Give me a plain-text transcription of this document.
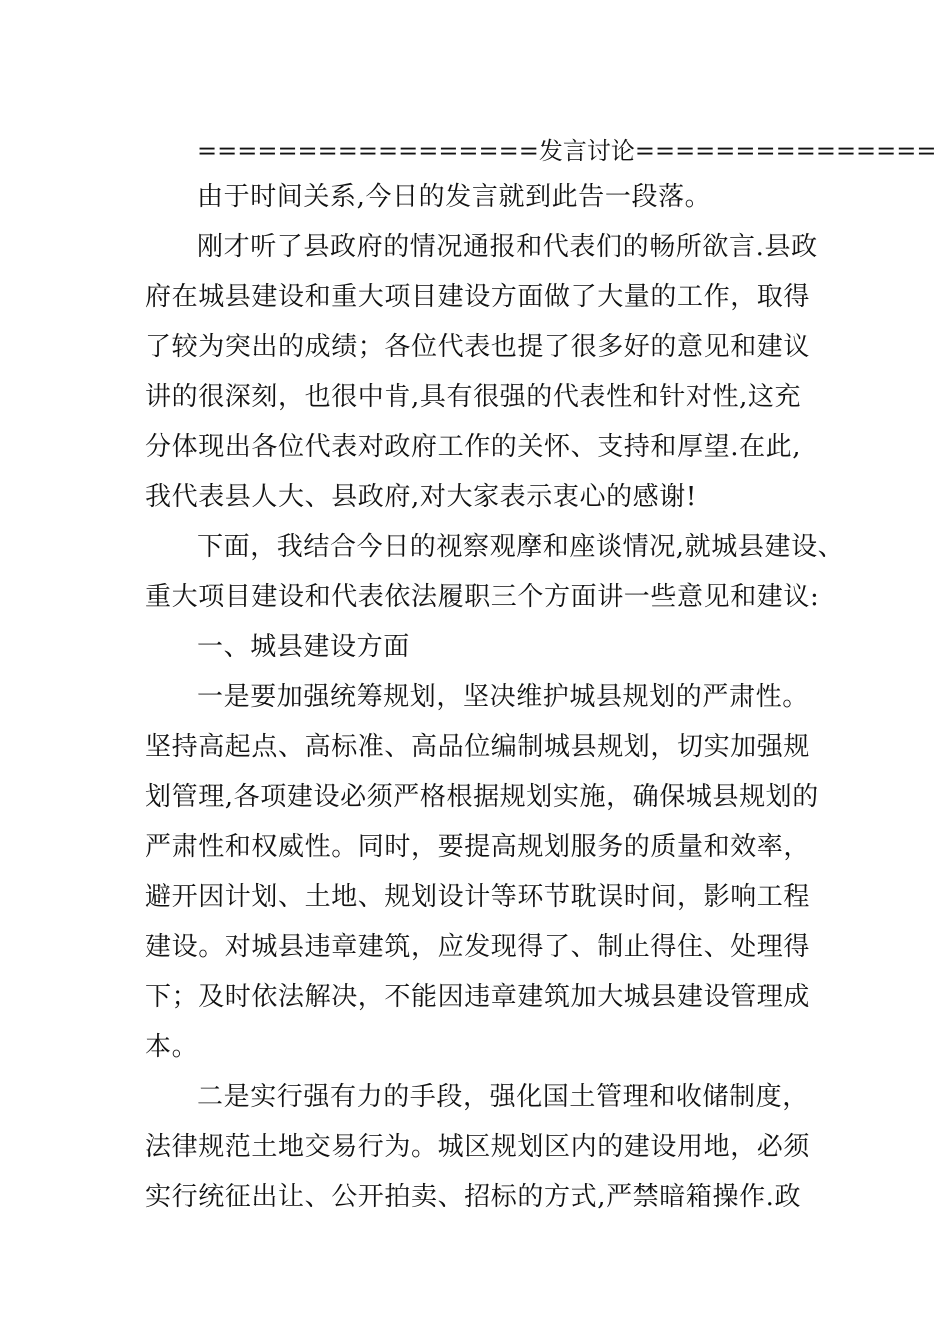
=================发言讨论===============
由于时间关系,今日的发言就到此告一段落。
刚才听了县政府的情况通报和代表们的畅所欲言.县政
府在城县建设和重大项目建设方面做了大量的工作，取得
了较为突出的成绩；各位代表也提了很多好的意见和建议
讲的很深刻，也很中肯,具有很强的代表性和针对性,这充
分体现出各位代表对政府工作的关怀、支持和厚望.在此,
我代表县人大、县政府,对大家表示衷心的感谢!
下面，我结合今日的视察观摩和座谈情况,就城县建设、
重大项目建设和代表依法履职三个方面讲一些意见和建议:
一、城县建设方面
一是要加强统筹规划，坚决维护城县规划的严肃性。
坚持高起点、高标准、高品位编制城县规划，切实加强规
划管理,各项建设必须严格根据规划实施，确保城县规划的
严肃性和权威性。同时，要提高规划服务的质量和效率，
避开因计划、土地、规划设计等环节耽误时间，影响工程
建设。对城县违章建筑，应发现得了、制止得住、处理得
下；及时依法解决，不能因违章建筑加大城县建设管理成
本。
二是实行强有力的手段，强化国土管理和收储制度，
法律规范土地交易行为。城区规划区内的建设用地，必须
实行统征出让、公开拍卖、招标的方式,严禁暗箱操作.政
